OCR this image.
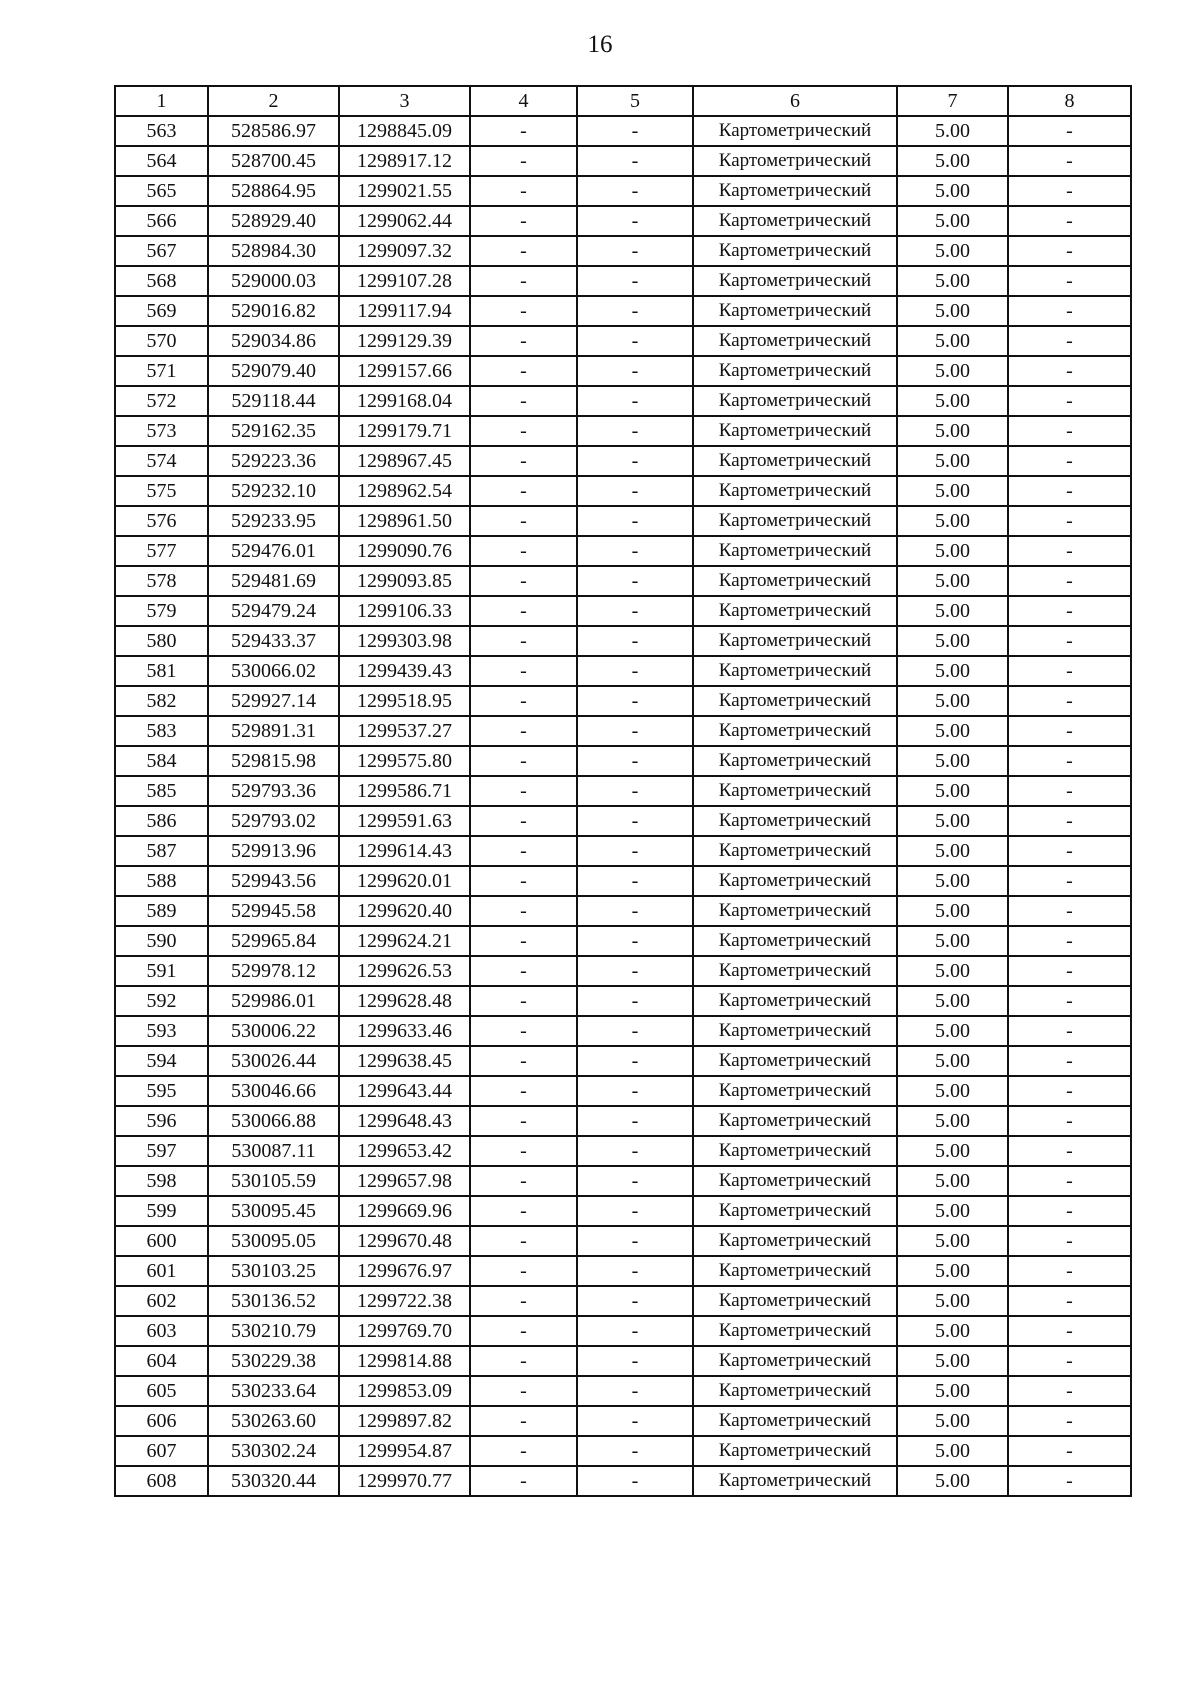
16
1	2	3	4	5	6	7	8
563	528586.97	1298845.09	-	-	Картометрический	5.00	-
564	528700.45	1298917.12	-	-	Картометрический	5.00	-
565	528864.95	1299021.55	-	-	Картометрический	5.00	-
566	528929.40	1299062.44	-	-	Картометрический	5.00	-
567	528984.30	1299097.32	-	-	Картометрический	5.00	-
568	529000.03	1299107.28	-	-	Картометрический	5.00	-
569	529016.82	1299117.94	-	-	Картометрический	5.00	-
570	529034.86	1299129.39	-	-	Картометрический	5.00	-
571	529079.40	1299157.66	-	-	Картометрический	5.00	-
572	529118.44	1299168.04	-	-	Картометрический	5.00	-
573	529162.35	1299179.71	-	-	Картометрический	5.00	-
574	529223.36	1298967.45	-	-	Картометрический	5.00	-
575	529232.10	1298962.54	-	-	Картометрический	5.00	-
576	529233.95	1298961.50	-	-	Картометрический	5.00	-
577	529476.01	1299090.76	-	-	Картометрический	5.00	-
578	529481.69	1299093.85	-	-	Картометрический	5.00	-
579	529479.24	1299106.33	-	-	Картометрический	5.00	-
580	529433.37	1299303.98	-	-	Картометрический	5.00	-
581	530066.02	1299439.43	-	-	Картометрический	5.00	-
582	529927.14	1299518.95	-	-	Картометрический	5.00	-
583	529891.31	1299537.27	-	-	Картометрический	5.00	-
584	529815.98	1299575.80	-	-	Картометрический	5.00	-
585	529793.36	1299586.71	-	-	Картометрический	5.00	-
586	529793.02	1299591.63	-	-	Картометрический	5.00	-
587	529913.96	1299614.43	-	-	Картометрический	5.00	-
588	529943.56	1299620.01	-	-	Картометрический	5.00	-
589	529945.58	1299620.40	-	-	Картометрический	5.00	-
590	529965.84	1299624.21	-	-	Картометрический	5.00	-
591	529978.12	1299626.53	-	-	Картометрический	5.00	-
592	529986.01	1299628.48	-	-	Картометрический	5.00	-
593	530006.22	1299633.46	-	-	Картометрический	5.00	-
594	530026.44	1299638.45	-	-	Картометрический	5.00	-
595	530046.66	1299643.44	-	-	Картометрический	5.00	-
596	530066.88	1299648.43	-	-	Картометрический	5.00	-
597	530087.11	1299653.42	-	-	Картометрический	5.00	-
598	530105.59	1299657.98	-	-	Картометрический	5.00	-
599	530095.45	1299669.96	-	-	Картометрический	5.00	-
600	530095.05	1299670.48	-	-	Картометрический	5.00	-
601	530103.25	1299676.97	-	-	Картометрический	5.00	-
602	530136.52	1299722.38	-	-	Картометрический	5.00	-
603	530210.79	1299769.70	-	-	Картометрический	5.00	-
604	530229.38	1299814.88	-	-	Картометрический	5.00	-
605	530233.64	1299853.09	-	-	Картометрический	5.00	-
606	530263.60	1299897.82	-	-	Картометрический	5.00	-
607	530302.24	1299954.87	-	-	Картометрический	5.00	-
608	530320.44	1299970.77	-	-	Картометрический	5.00	-
